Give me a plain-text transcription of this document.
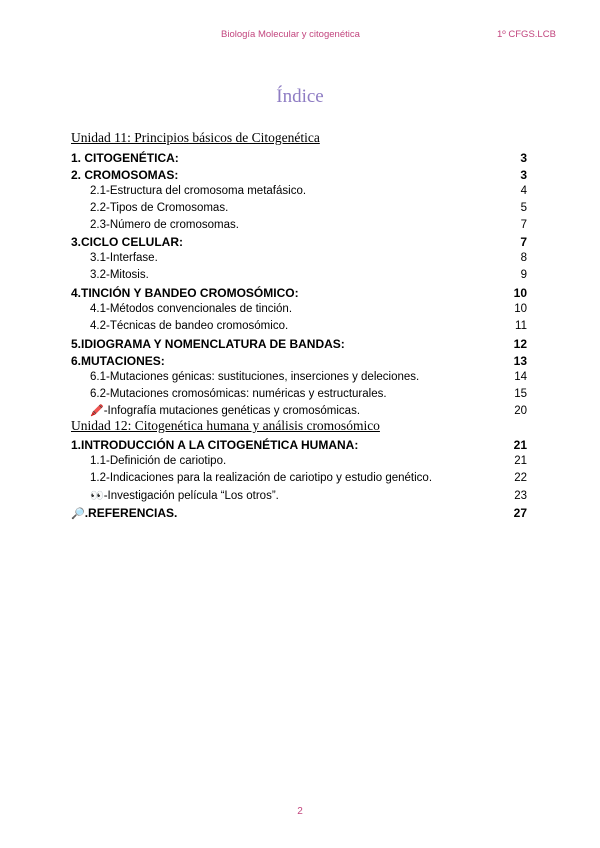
Biología Molecular y citogenética	1º CFGS.LCB
Índice
Unidad 11: Principios básicos de Citogenética
1. CITOGENÉTICA:	3
2. CROMOSOMAS:	3
2.1-Estructura del cromosoma metafásico.	4
2.2-Tipos de Cromosomas.	5
2.3-Número de cromosomas.	7
3.CICLO CELULAR:	7
3.1-Interfase.	8
3.2-Mitosis.	9
4.TINCIÓN Y BANDEO CROMOSÓMICO:	10
4.1-Métodos convencionales de tinción.	10
4.2-Técnicas de bandeo cromosómico.	11
5.IDIOGRAMA Y NOMENCLATURA DE BANDAS:	12
6.MUTACIONES:	13
6.1-Mutaciones génicas: sustituciones, inserciones y deleciones.	14
6.2-Mutaciones cromosómicas: numéricas y estructurales.	15
🖍️-Infografía mutaciones genéticas y cromosómicas.	20
Unidad 12: Citogenética humana y análisis cromosómico
1.INTRODUCCIÓN A LA CITOGENÉTICA HUMANA:	21
1.1-Definición de cariotipo.	21
1.2-Indicaciones para la realización de cariotipo y estudio genético.	22
👀-Investigación película “Los otros”.	23
🔎.REFERENCIAS.	27
2
